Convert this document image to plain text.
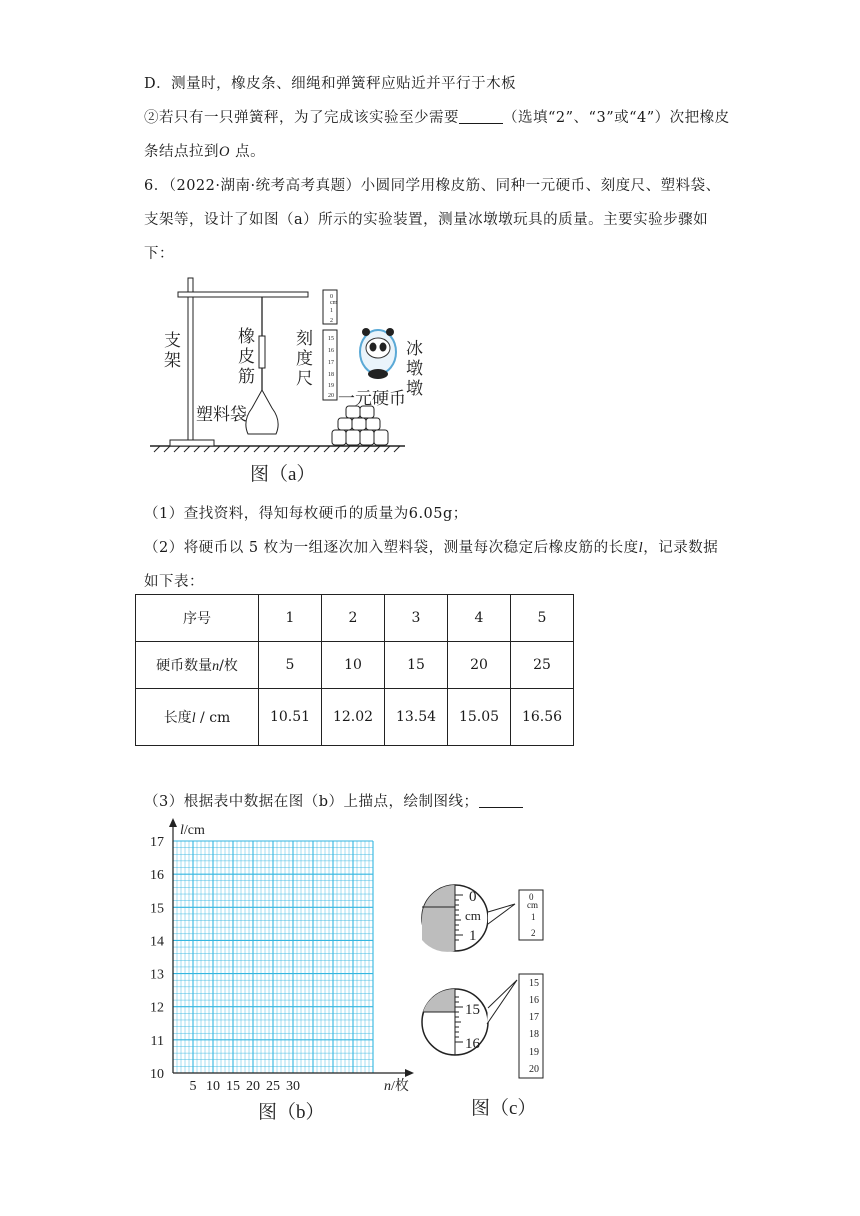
D．测量时，橡皮条、细绳和弹簧秤应贴近并平行于木板
②若只有一只弹簧秤，为了完成该实验至少需要	（选填“2”、“3”或“4”）次把橡皮
条结点拉到O 点。
6．（2022·湖南·统考高考真题）小圆同学用橡皮筋、同种一元硬币、刻度尺、塑料袋、
支架等，设计了如图（a）所示的实验装置，测量冰墩墩玩具的质量。主要实验步骤如
下：
0
cm
1
2
15
16
17
18
19
20
支
架
橡
皮
筋
刻
度
尺
冰
墩
墩
塑料袋
一元硬币
图（a）
（1）查找资料，得知每枚硬币的质量为6.05g；
（2）将硬币以 5 枚为一组逐次加入塑料袋，测量每次稳定后橡皮筋的长度l，记录数据
如下表：
序号	1	2	3	4	5
硬币数量n/枚	5	10	15	20	25
长度l / cm	10.51	12.02	13.54	15.05	16.56
（3）根据表中数据在图（b）上描点，绘制图线；
10
11
12
13
14
15
16
17
5 10 15 20 25 30
l/cm
n/枚
图（b）
0
cm
1
0
cm
1
2
15
16
15
16
17
18
19
20
图（c）
